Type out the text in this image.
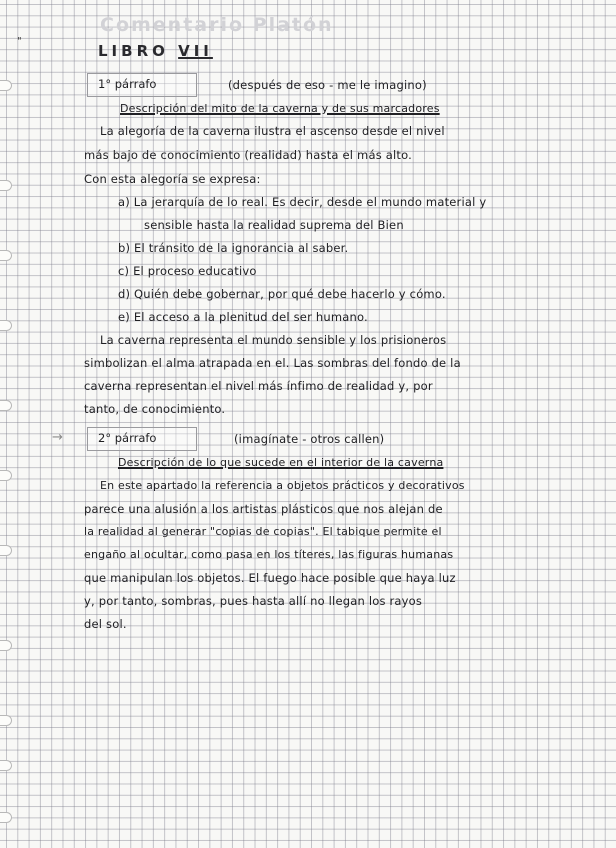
"
Comentario Platón
LIBRO VII
1° párrafo	(después de eso - me le imagino)
Descripción del mito de la caverna y de sus marcadores
La alegoría de la caverna ilustra el ascenso desde el nivel
más bajo de conocimiento (realidad) hasta el más alto.
Con esta alegoría se expresa:
a) La jerarquía de lo real. Es decir, desde el mundo material y
sensible hasta la realidad suprema del Bien
b) El tránsito de la ignorancia al saber.
c) El proceso educativo
d) Quién debe gobernar, por qué debe hacerlo y cómo.
e) El acceso a la plenitud del ser humano.
La caverna representa el mundo sensible y los prisioneros
simbolizan el alma atrapada en el. Las sombras del fondo de la
caverna representan el nivel más ínfimo de realidad y, por
tanto, de conocimiento.
→	2° párrafo	(imagínate - otros callen)
Descripción de lo que sucede en el interior de la caverna
En este apartado la referencia a objetos prácticos y decorativos
parece una alusión a los artistas plásticos que nos alejan de
la realidad al generar "copias de copias". El tabique permite el
engaño al ocultar, como pasa en los títeres, las figuras humanas
que manipulan los objetos. El fuego hace posible que haya luz
y, por tanto, sombras, pues hasta allí no llegan los rayos
del sol.
